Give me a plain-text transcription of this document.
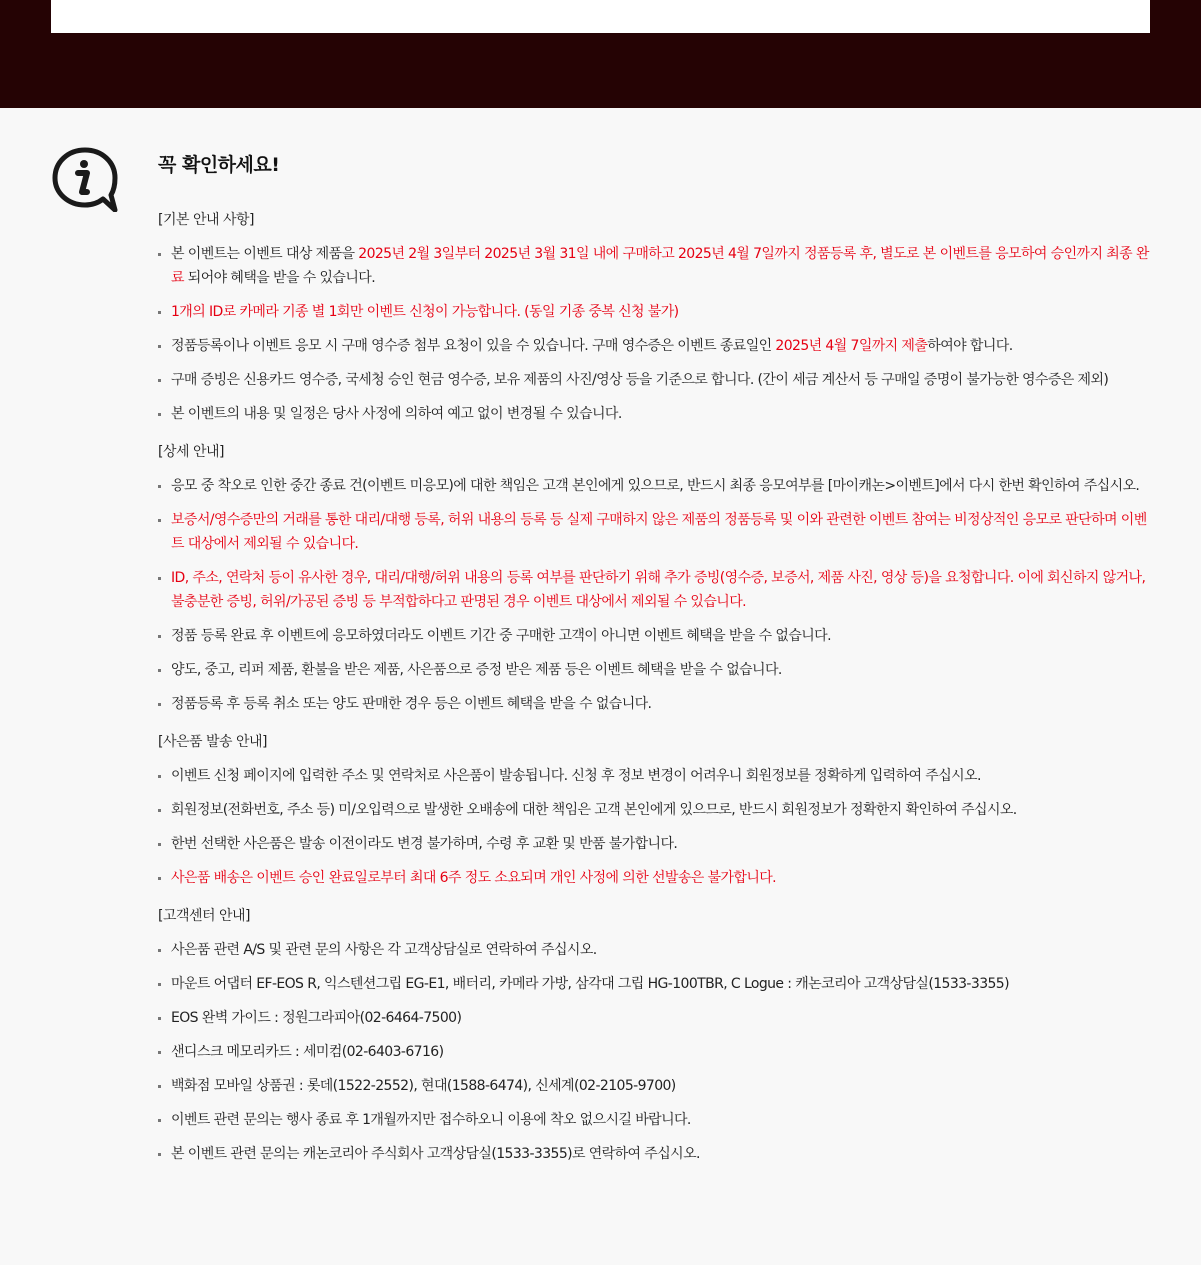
꼭 확인하세요!
[기본 안내 사항]
본 이벤트는 이벤트 대상 제품을 2025년 2월 3일부터 2025년 3월 31일 내에 구매하고 2025년 4월 7일까지 정품등록 후, 별도로 본 이벤트를 응모하여 승인까지 최종 완료 되어야 혜택을 받을 수 있습니다.
1개의 ID로 카메라 기종 별 1회만 이벤트 신청이 가능합니다. (동일 기종 중복 신청 불가)
정품등록이나 이벤트 응모 시 구매 영수증 첨부 요청이 있을 수 있습니다. 구매 영수증은 이벤트 종료일인 2025년 4월 7일까지 제출하여야 합니다.
구매 증빙은 신용카드 영수증, 국세청 승인 현금 영수증, 보유 제품의 사진/영상 등을 기준으로 합니다. (간이 세금 계산서 등 구매일 증명이 불가능한 영수증은 제외)
본 이벤트의 내용 및 일정은 당사 사정에 의하여 예고 없이 변경될 수 있습니다.
[상세 안내]
응모 중 착오로 인한 중간 종료 건(이벤트 미응모)에 대한 책임은 고객 본인에게 있으므로, 반드시 최종 응모여부를 [마이캐논>이벤트]에서 다시 한번 확인하여 주십시오.
보증서/영수증만의 거래를 통한 대리/대행 등록, 허위 내용의 등록 등 실제 구매하지 않은 제품의 정품등록 및 이와 관련한 이벤트 참여는 비정상적인 응모로 판단하며 이벤트 대상에서 제외될 수 있습니다.
ID, 주소, 연락처 등이 유사한 경우, 대리/대행/허위 내용의 등록 여부를 판단하기 위해 추가 증빙(영수증, 보증서, 제품 사진, 영상 등)을 요청합니다. 이에 회신하지 않거나, 불충분한 증빙, 허위/가공된 증빙 등 부적합하다고 판명된 경우 이벤트 대상에서 제외될 수 있습니다.
정품 등록 완료 후 이벤트에 응모하였더라도 이벤트 기간 중 구매한 고객이 아니면 이벤트 혜택을 받을 수 없습니다.
양도, 중고, 리퍼 제품, 환불을 받은 제품, 사은품으로 증정 받은 제품 등은 이벤트 혜택을 받을 수 없습니다.
정품등록 후 등록 취소 또는 양도 판매한 경우 등은 이벤트 혜택을 받을 수 없습니다.
[사은품 발송 안내]
이벤트 신청 페이지에 입력한 주소 및 연락처로 사은품이 발송됩니다. 신청 후 정보 변경이 어려우니 회원정보를 정확하게 입력하여 주십시오.
회원정보(전화번호, 주소 등) 미/오입력으로 발생한 오배송에 대한 책임은 고객 본인에게 있으므로, 반드시 회원정보가 정확한지 확인하여 주십시오.
한번 선택한 사은품은 발송 이전이라도 변경 불가하며, 수령 후 교환 및 반품 불가합니다.
사은품 배송은 이벤트 승인 완료일로부터 최대 6주 정도 소요되며 개인 사정에 의한 선발송은 불가합니다.
[고객센터 안내]
사은품 관련 A/S 및 관련 문의 사항은 각 고객상담실로 연락하여 주십시오.
마운트 어댑터 EF-EOS R, 익스텐션그립 EG-E1, 배터리, 카메라 가방, 삼각대 그립 HG-100TBR, C Logue : 캐논코리아 고객상담실(1533-3355)
EOS 완벽 가이드 : 정원그라피아(02-6464-7500)
샌디스크 메모리카드 : 세미컴(02-6403-6716)
백화점 모바일 상품권 : 롯데(1522-2552), 현대(1588-6474), 신세계(02-2105-9700)
이벤트 관련 문의는 행사 종료 후 1개월까지만 접수하오니 이용에 착오 없으시길 바랍니다.
본 이벤트 관련 문의는 캐논코리아 주식회사 고객상담실(1533-3355)로 연락하여 주십시오.
